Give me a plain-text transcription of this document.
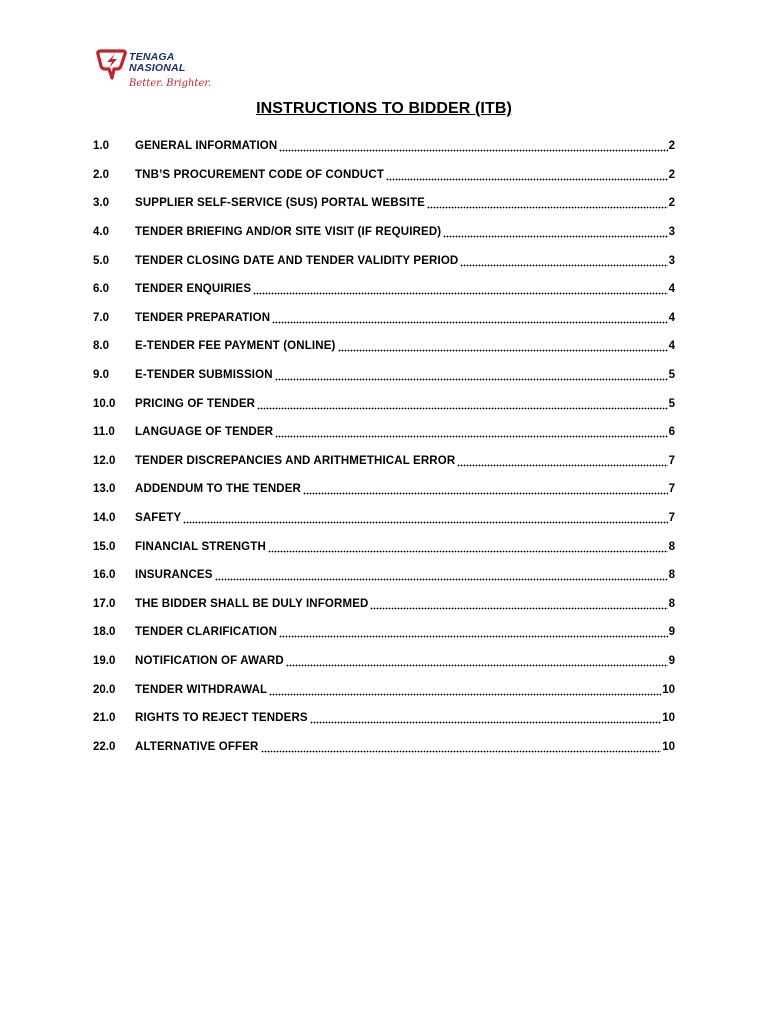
TENAGA
NASIONAL
Better. Brighter.
INSTRUCTIONS TO BIDDER (ITB)
1.0	GENERAL INFORMATION	2
2.0	TNB’S PROCUREMENT CODE OF CONDUCT	2
3.0	SUPPLIER SELF-SERVICE (SUS) PORTAL WEBSITE	2
4.0	TENDER BRIEFING AND/OR SITE VISIT (IF REQUIRED)	3
5.0	TENDER CLOSING DATE AND TENDER VALIDITY PERIOD	3
6.0	TENDER ENQUIRIES	4
7.0	TENDER PREPARATION	4
8.0	E-TENDER FEE PAYMENT (ONLINE)	4
9.0	E-TENDER SUBMISSION	5
10.0	PRICING OF TENDER	5
11.0	LANGUAGE OF TENDER	6
12.0	TENDER DISCREPANCIES AND ARITHMETHICAL ERROR	7
13.0	ADDENDUM TO THE TENDER	7
14.0	SAFETY	7
15.0	FINANCIAL STRENGTH	8
16.0	INSURANCES	8
17.0	THE BIDDER SHALL BE DULY INFORMED	8
18.0	TENDER CLARIFICATION	9
19.0	NOTIFICATION OF AWARD	9
20.0	TENDER WITHDRAWAL	10
21.0	RIGHTS TO REJECT TENDERS	10
22.0	ALTERNATIVE OFFER	10
